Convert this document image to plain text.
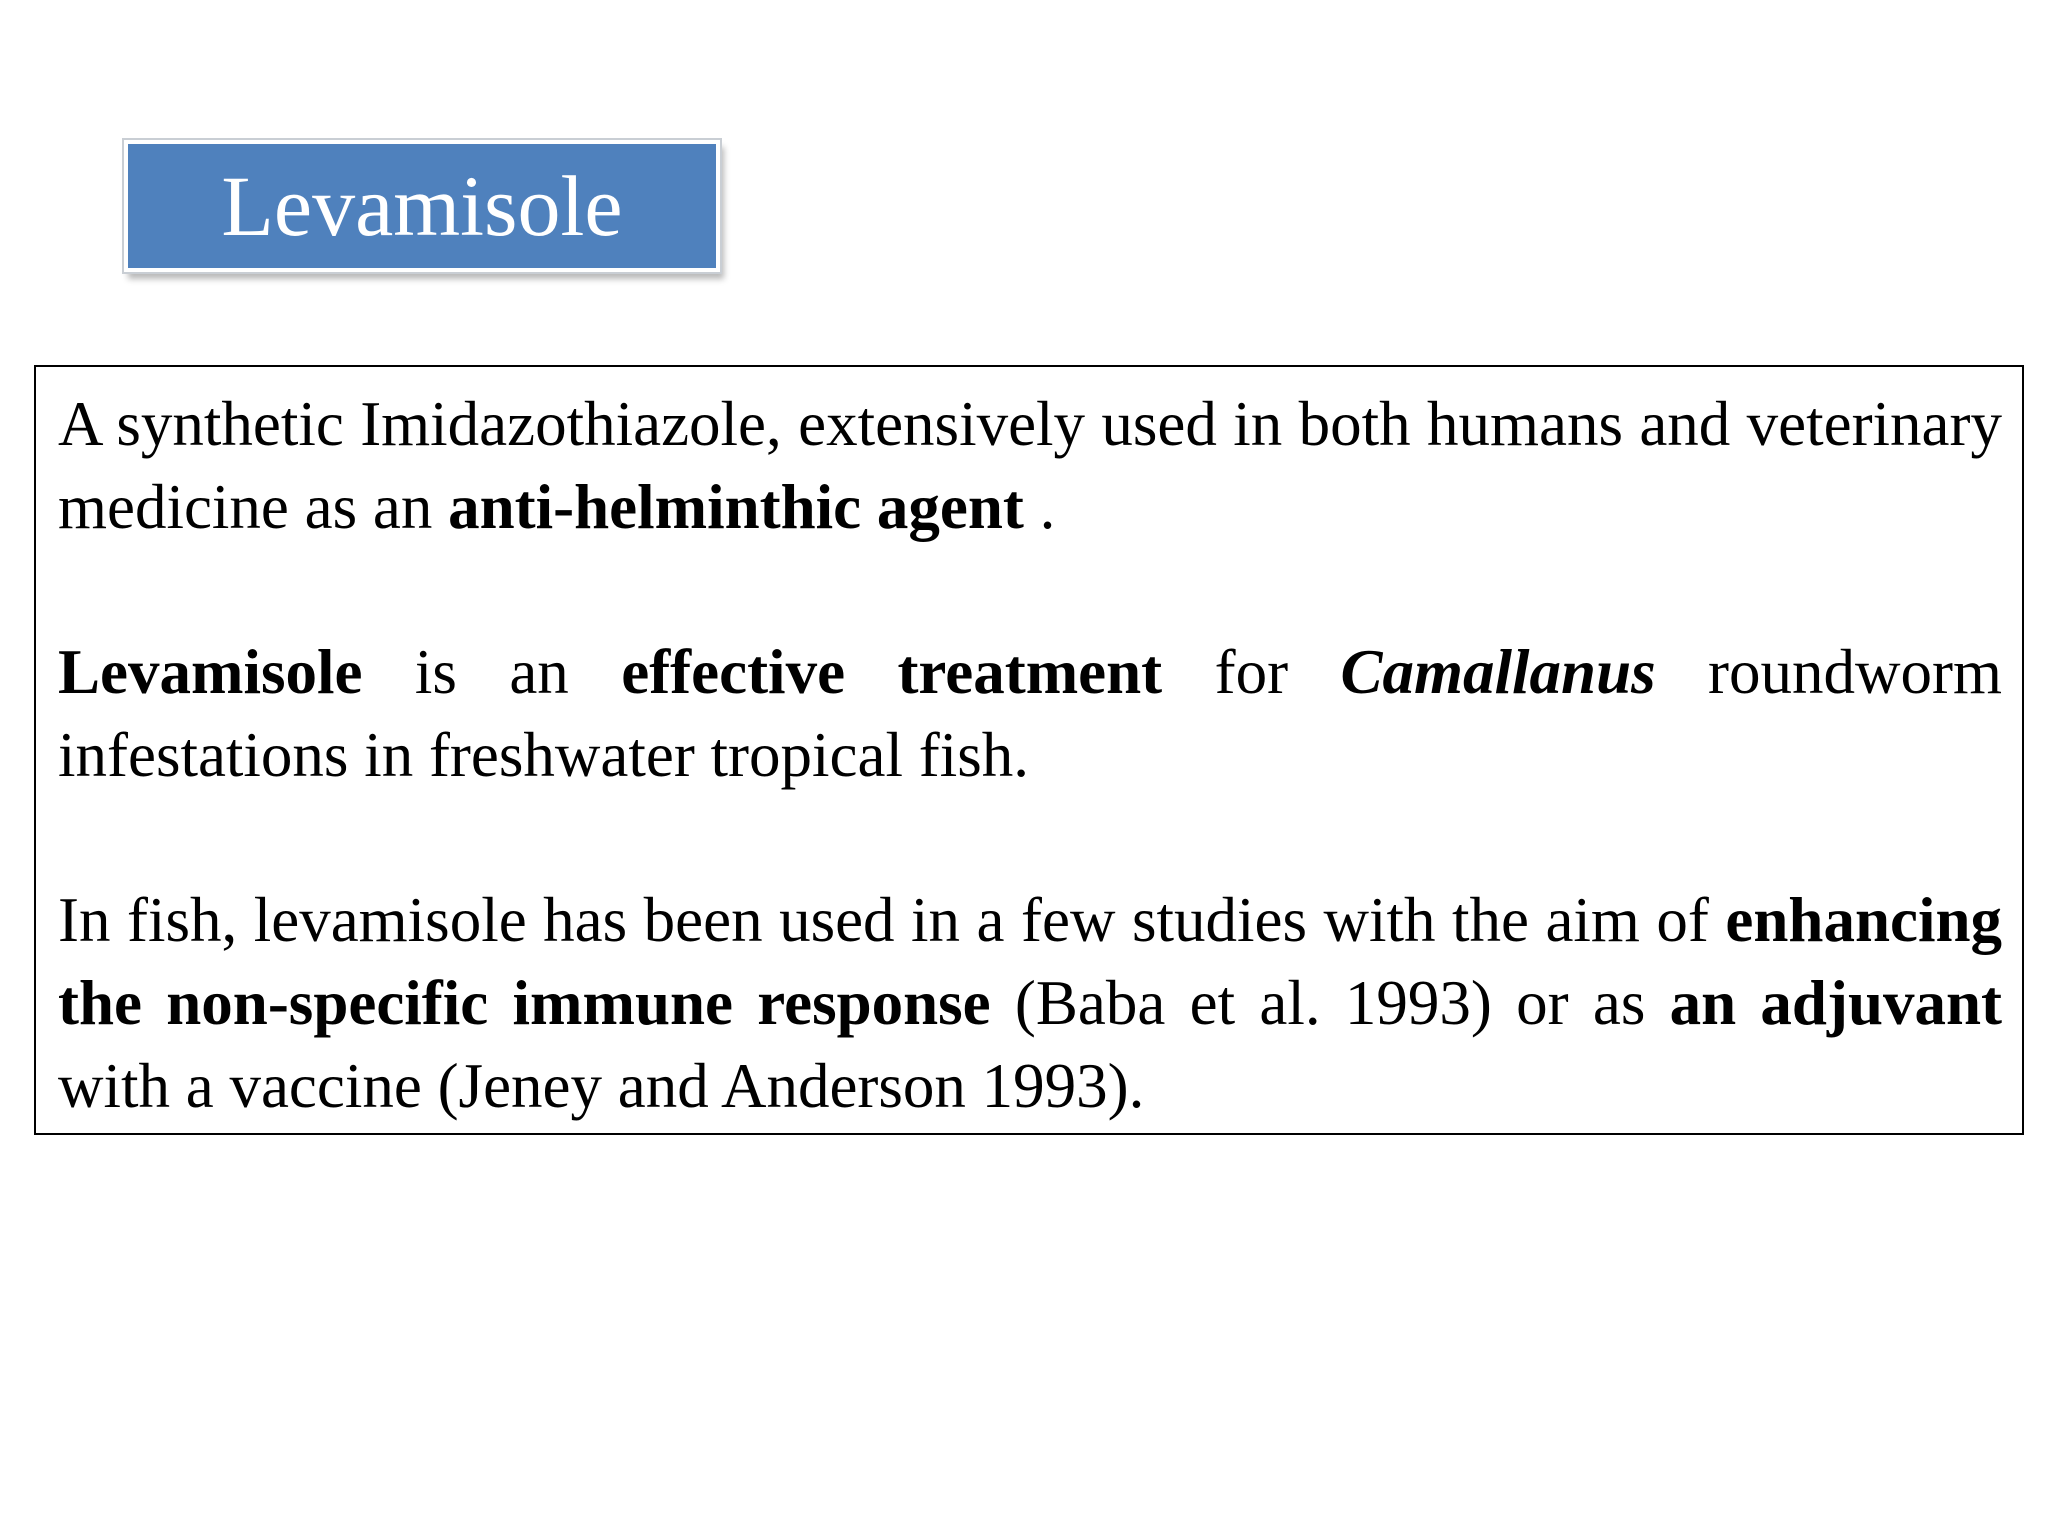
Levamisole

A synthetic Imidazothiazole, extensively used in both humans and veterinary medicine as an anti-helminthic agent .

Levamisole is an effective treatment for Camallanus roundworm infestations in freshwater tropical fish.

In fish, levamisole has been used in a few studies with the aim of enhancing the non-specific immune response (Baba et al. 1993) or as an adjuvant with a vaccine (Jeney and Anderson 1993).
